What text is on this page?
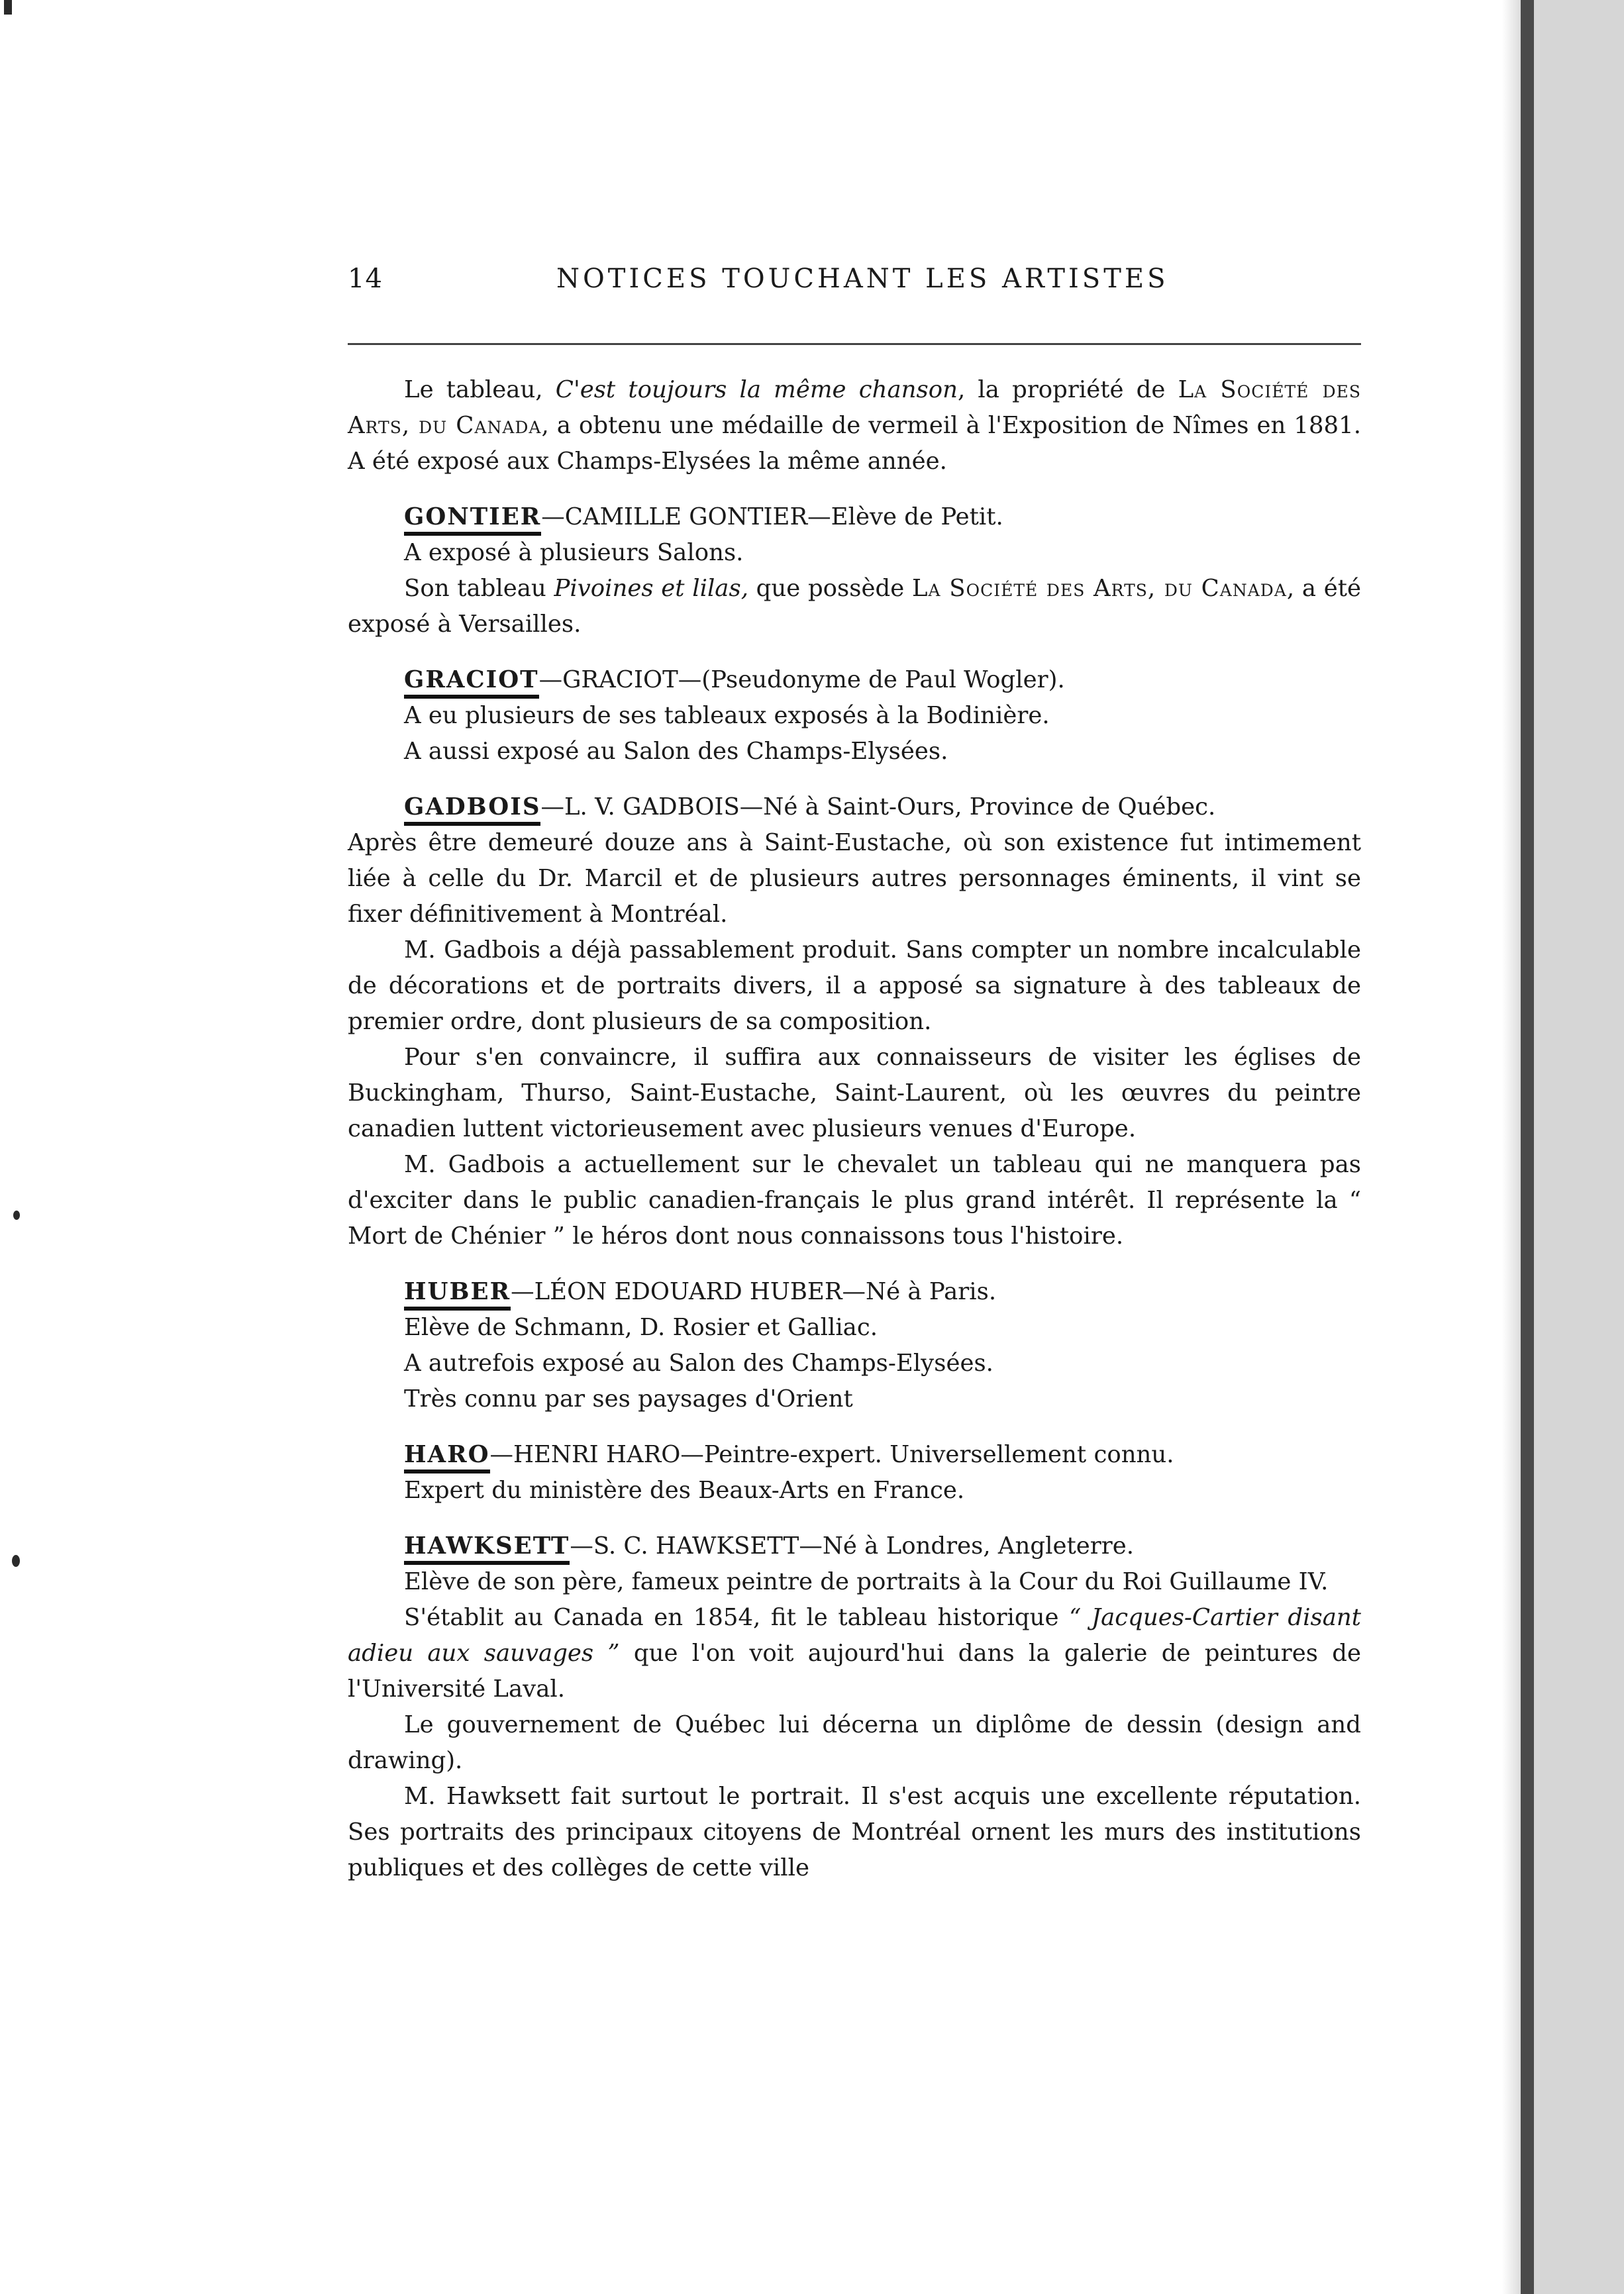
14	NOTICES TOUCHANT LES ARTISTES

Le tableau, C'est toujours la même chanson, la propriété de La Société des Arts, du Canada, a obtenu une médaille de vermeil à l'Exposition de Nîmes en 1881. A été exposé aux Champs-Elysées la même année.

GONTIER—CAMILLE GONTIER—Elève de Petit.

A exposé à plusieurs Salons.

Son tableau Pivoines et lilas, que possède La Société des Arts, du Canada, a été exposé à Versailles.

GRACIOT—GRACIOT—(Pseudonyme de Paul Wogler).

A eu plusieurs de ses tableaux exposés à la Bodinière.

A aussi exposé au Salon des Champs-Elysées.

GADBOIS—L. V. GADBOIS—Né à Saint-Ours, Province de Québec.

Après être demeuré douze ans à Saint-Eustache, où son existence fut intimement liée à celle du Dr. Marcil et de plusieurs autres personnages éminents, il vint se fixer définitivement à Montréal.

M. Gadbois a déjà passablement produit. Sans compter un nombre incalculable de décorations et de portraits divers, il a apposé sa signature à des tableaux de premier ordre, dont plusieurs de sa composition.

Pour s'en convaincre, il suffira aux connaisseurs de visiter les églises de Buckingham, Thurso, Saint-Eustache, Saint-Laurent, où les œuvres du peintre canadien luttent victorieusement avec plusieurs venues d'Europe.

M. Gadbois a actuellement sur le chevalet un tableau qui ne manquera pas d'exciter dans le public canadien-français le plus grand intérêt. Il représente la “ Mort de Chénier ” le héros dont nous connaissons tous l'histoire.

HUBER—LÉON EDOUARD HUBER—Né à Paris.

Elève de Schmann, D. Rosier et Galliac.

A autrefois exposé au Salon des Champs-Elysées.

Très connu par ses paysages d'Orient

HARO—HENRI HARO—Peintre-expert. Universellement connu.

Expert du ministère des Beaux-Arts en France.

HAWKSETT—S. C. HAWKSETT—Né à Londres, Angleterre.

Elève de son père, fameux peintre de portraits à la Cour du Roi Guillaume IV.

S'établit au Canada en 1854, fit le tableau historique “ Jacques-Cartier disant adieu aux sauvages ” que l'on voit aujourd'hui dans la galerie de peintures de l'Université Laval.

Le gouvernement de Québec lui décerna un diplôme de dessin (design and drawing).

M. Hawksett fait surtout le portrait. Il s'est acquis une excellente réputation. Ses portraits des principaux citoyens de Montréal ornent les murs des institutions publiques et des collèges de cette ville
